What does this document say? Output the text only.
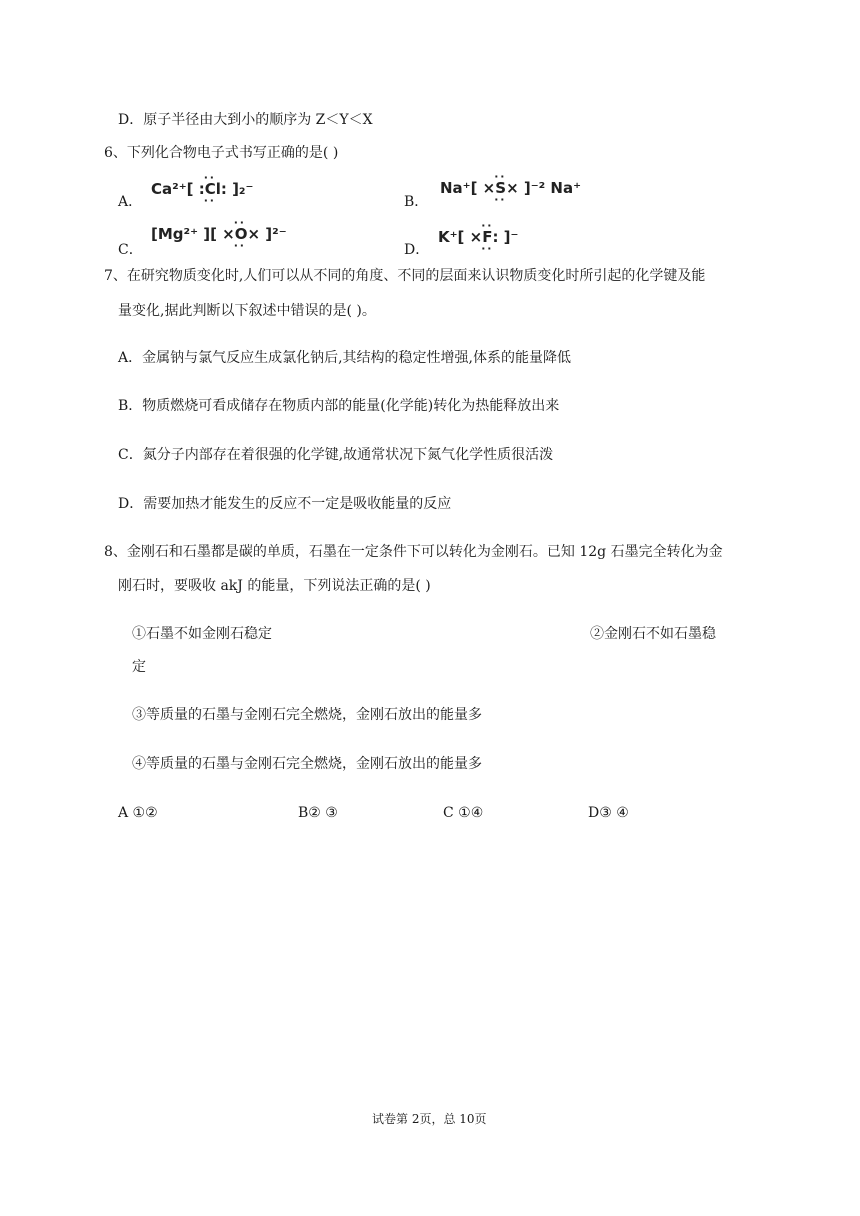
D．原子半径由大到小的顺序为 Z＜Y＜X
6、下列化合物电子式书写正确的是( )
A．
Ca²⁺[ :· · Cl · ·: ]₂⁻
B．
Na⁺[ ×· · S · ·× ]⁻² Na⁺
C．
[Mg²⁺ ][ ×· · O · ·× ]²⁻
D．
K⁺[ ×· · F · ·: ]⁻
7、在研究物质变化时,人们可以从不同的角度、不同的层面来认识物质变化时所引起的化学键及能
量变化,据此判断以下叙述中错误的是( )。
A．金属钠与氯气反应生成氯化钠后,其结构的稳定性增强,体系的能量降低
B．物质燃烧可看成储存在物质内部的能量(化学能)转化为热能释放出来
C．氮分子内部存在着很强的化学键,故通常状况下氮气化学性质很活泼
D．需要加热才能发生的反应不一定是吸收能量的反应
8、金刚石和石墨都是碳的单质，石墨在一定条件下可以转化为金刚石。已知 12g 石墨完全转化为金
刚石时，要吸收 akJ 的能量，下列说法正确的是( )
①石墨不如金刚石稳定	②金刚石不如石墨稳
定
③等质量的石墨与金刚石完全燃烧，金刚石放出的能量多
④等质量的石墨与金刚石完全燃烧，金刚石放出的能量多
A ①②	B② ③	C ①④	D③ ④
试卷第 2页，总 10页
